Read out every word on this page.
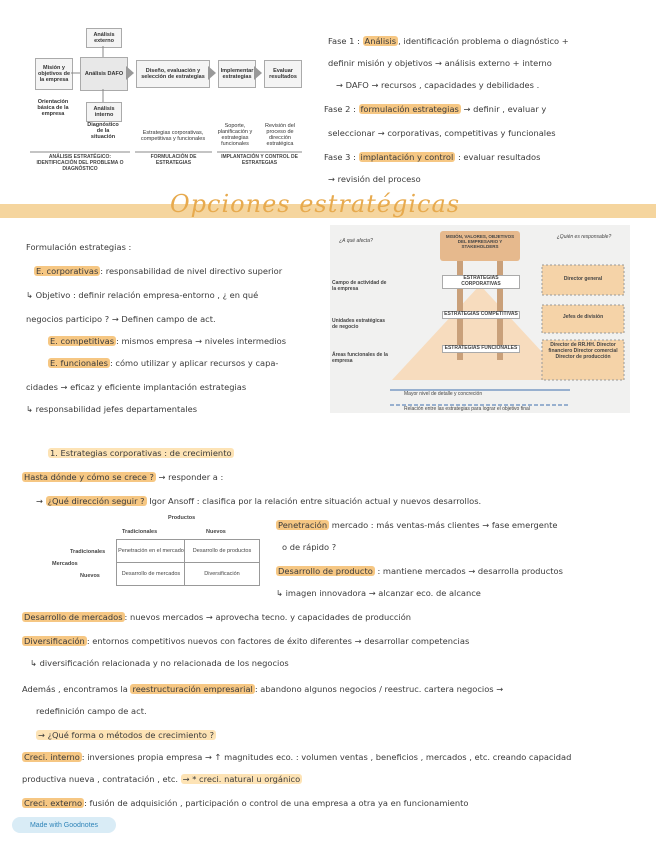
Análisis externo
Misión y objetivos de la empresa
Análisis DAFO
Orientación básica de la empresa
Análisis interno
Diagnóstico de la situación
Diseño, evaluación y selección de estrategias
Implementar estrategias
Evaluar resultados
Estrategias corporativas, competitivas y funcionales
Soporte, planificación y estrategias funcionales
Revisión del proceso de dirección estratégica
ANÁLISIS ESTRATÉGICO: IDENTIFICACIÓN DEL PROBLEMA O DIAGNÓSTICO
FORMULACIÓN DE ESTRATEGIAS
IMPLANTACIÓN Y CONTROL DE ESTRATEGIAS
Fase 1 : Análisis , identificación problema o diagnóstico +
definir misión y objetivos → análisis externo + interno
→ DAFO → recursos , capacidades y debilidades .
Fase 2 : formulación estrategias → definir , evaluar y
seleccionar → corporativas, competitivas y funcionales
Fase 3 : implantación y control : evaluar resultados
→ revisión del proceso
Opciones estratégicas
Formulación estrategias :
E. corporativas : responsabilidad de nivel directivo superior
↳ Objetivo : definir relación empresa-entorno , ¿ en qué
negocios participo ? → Definen campo de act.
E. competitivas : mismos empresa → niveles intermedios
E. funcionales : cómo utilizar y aplicar recursos y capa-
cidades → eficaz y eficiente implantación estrategias
↳ responsabilidad jefes departamentales
¿A qué afecta?
¿Quién es responsable?
MISIÓN, VALORES, OBJETIVOS DEL EMPRESARIO Y STAKEHOLDERS
Campo de actividad de la empresa
Unidades estratégicas de negocio
Áreas funcionales de la empresa
ESTRATEGIAS CORPORATIVAS
ESTRATEGIAS COMPETITIVAS
ESTRATEGIAS FUNCIONALES
Director general
Jefes de división
Director de RR.HH. Director financiero Director comercial Director de producción
Mayor nivel de detalle y concreción
Relación entre las estrategias para lograr el objetivo final
1. Estrategias corporativas : de crecimiento
Hasta dónde y cómo se crece ? → responder a :
→ ¿Qué dirección seguir ? Igor Ansoff : clasifica por la relación entre situación actual y nuevos desarrollos.
Productos
Tradicionales	Nuevos
Mercados
Tradicionales
Nuevos
Penetración en el mercado	Desarrollo de productos
Desarrollo de mercados	Diversificación
Penetración mercado : más ventas-más clientes → fase emergente
o de rápido ?
Desarrollo de producto : mantiene mercados → desarrolla productos
↳ imagen innovadora → alcanzar eco. de alcance
Desarrollo de mercados : nuevos mercados → aprovecha tecno. y capacidades de producción
Diversificación : entornos competitivos nuevos con factores de éxito diferentes → desarrollar competencias
↳ diversificación relacionada y no relacionada de los negocios
Además , encontramos la reestructuración empresarial : abandono algunos negocios / reestruc. cartera negocios →
redefinición campo de act.
→ ¿Qué forma o métodos de crecimiento ?
Creci. interno : inversiones propia empresa → ↑ magnitudes eco. : volumen ventas , beneficios , mercados , etc. creando capacidad
productiva nueva , contratación , etc. → * creci. natural u orgánico
Creci. externo : fusión de adquisición , participación o control de una empresa a otra ya en funcionamiento
Made with Goodnotes
